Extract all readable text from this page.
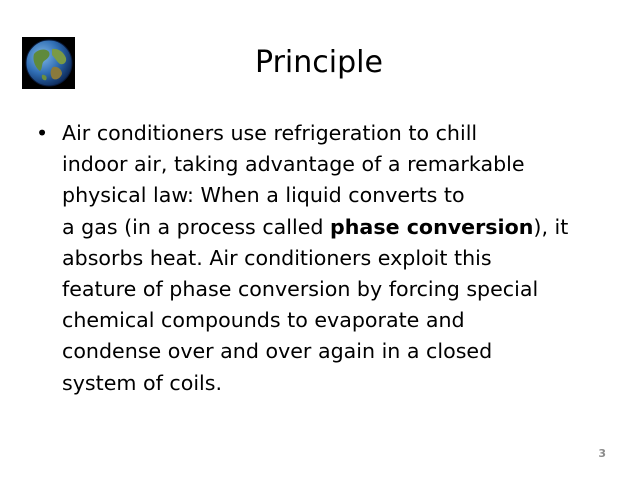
Principle
• Air conditioners use refrigeration to chill
indoor air, taking advantage of a remarkable
physical law: When a liquid converts to
a gas (in a process called phase conversion), it
absorbs heat. Air conditioners exploit this
feature of phase conversion by forcing special
chemical compounds to evaporate and
condense over and over again in a closed
system of coils.

3
